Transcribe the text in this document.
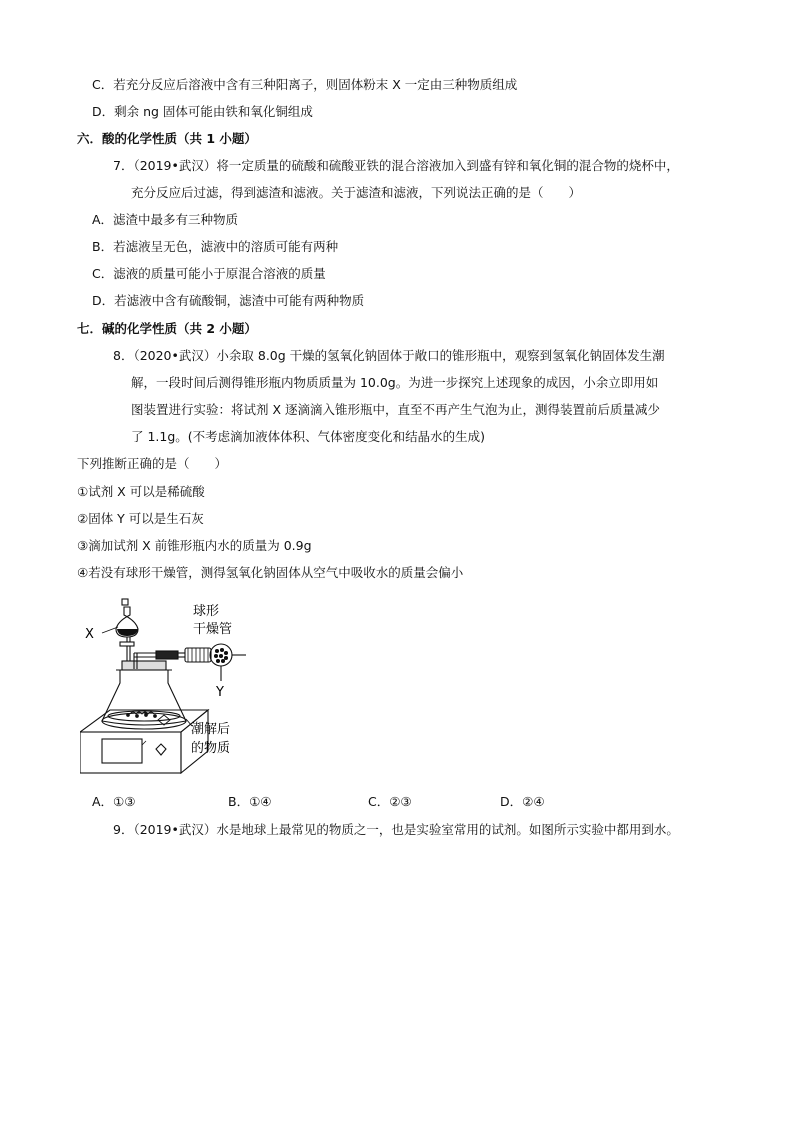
C．若充分反应后溶液中含有三种阳离子，则固体粉末 X 一定由三种物质组成
D．剩余 ng 固体可能由铁和氧化铜组成
六．酸的化学性质（共 1 小题）
7．（2019•武汉）将一定质量的硫酸和硫酸亚铁的混合溶液加入到盛有锌和氧化铜的混合物的烧杯中，
充分反应后过滤，得到滤渣和滤液。关于滤渣和滤液，下列说法正确的是（　　）
A．滤渣中最多有三种物质
B．若滤液呈无色，滤液中的溶质可能有两种
C．滤液的质量可能小于原混合溶液的质量
D．若滤液中含有硫酸铜，滤渣中可能有两种物质
七．碱的化学性质（共 2 小题）
8．（2020•武汉）小余取 8.0g 干燥的氢氧化钠固体于敞口的锥形瓶中，观察到氢氧化钠固体发生潮
解，一段时间后测得锥形瓶内物质质量为 10.0g。为进一步探究上述现象的成因，小余立即用如
图装置进行实验：将试剂 X 逐滴滴入锥形瓶中，直至不再产生气泡为止，测得装置前后质量减少
了 1.1g。(不考虑滴加液体体积、气体密度变化和结晶水的生成)
下列推断正确的是（　　）
①试剂 X 可以是稀硫酸
②固体 Y 可以是生石灰
③滴加试剂 X 前锥形瓶内水的质量为 0.9g
④若没有球形干燥管，测得氢氧化钠固体从空气中吸收水的质量会偏小
X
球形
干燥管
Y
潮解后
的物质
A．①③	B．①④	C．②③	D．②④
9．（2019•武汉）水是地球上最常见的物质之一，也是实验室常用的试剂。如图所示实验中都用到水。
